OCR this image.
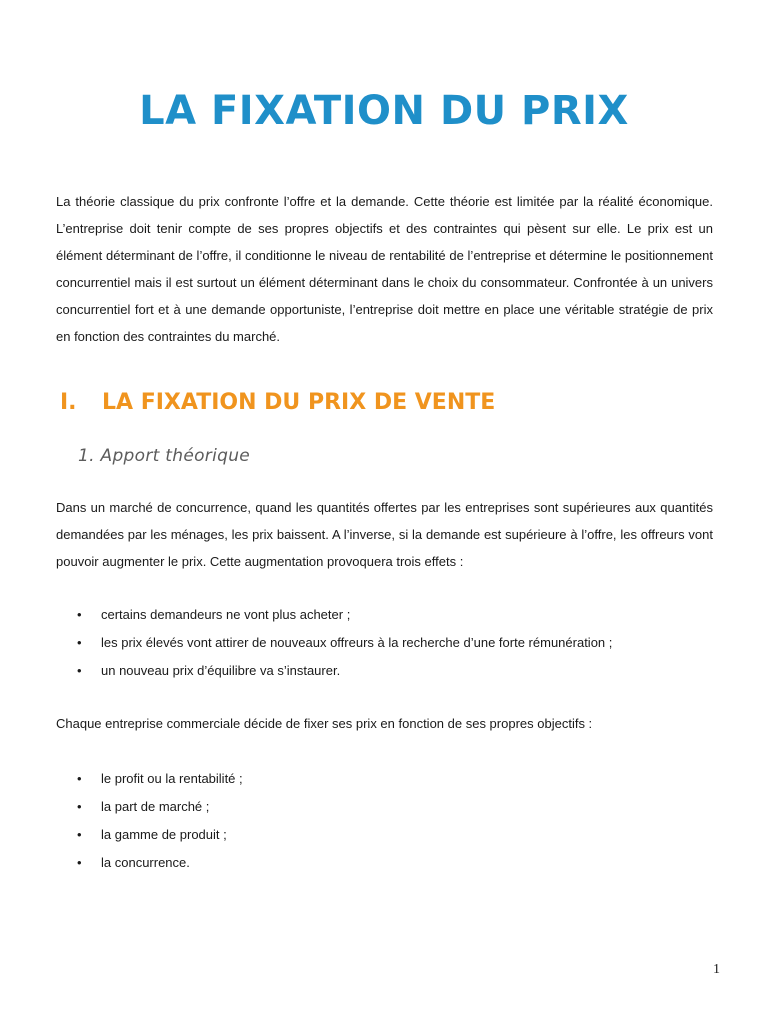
LA FIXATION DU PRIX

La théorie classique du prix confronte l’offre et la demande. Cette théorie est limitée par la réalité économique. L’entreprise doit tenir compte de ses propres objectifs et des contraintes qui pèsent sur elle. Le prix est un élément déterminant de l’offre, il conditionne le niveau de rentabilité de l’entreprise et détermine le positionnement concurrentiel mais il est surtout un élément déterminant dans le choix du consommateur. Confrontée à un univers concurrentiel fort et à une demande opportuniste, l’entreprise doit mettre en place une véritable stratégie de prix en fonction des contraintes du marché.

I. LA FIXATION DU PRIX DE VENTE
1. Apport théorique

Dans un marché de concurrence, quand les quantités offertes par les entreprises sont supérieures aux quantités demandées par les ménages, les prix baissent. A l’inverse, si la demande est supérieure à l’offre, les offreurs vont pouvoir augmenter le prix. Cette augmentation provoquera trois effets :

• certains demandeurs ne vont plus acheter ;
• les prix élevés vont attirer de nouveaux offreurs à la recherche d’une forte rémunération ;
• un nouveau prix d’équilibre va s’instaurer.

Chaque entreprise commerciale décide de fixer ses prix en fonction de ses propres objectifs :

• le profit ou la rentabilité ;
• la part de marché ;
• la gamme de produit ;
• la concurrence.
1
